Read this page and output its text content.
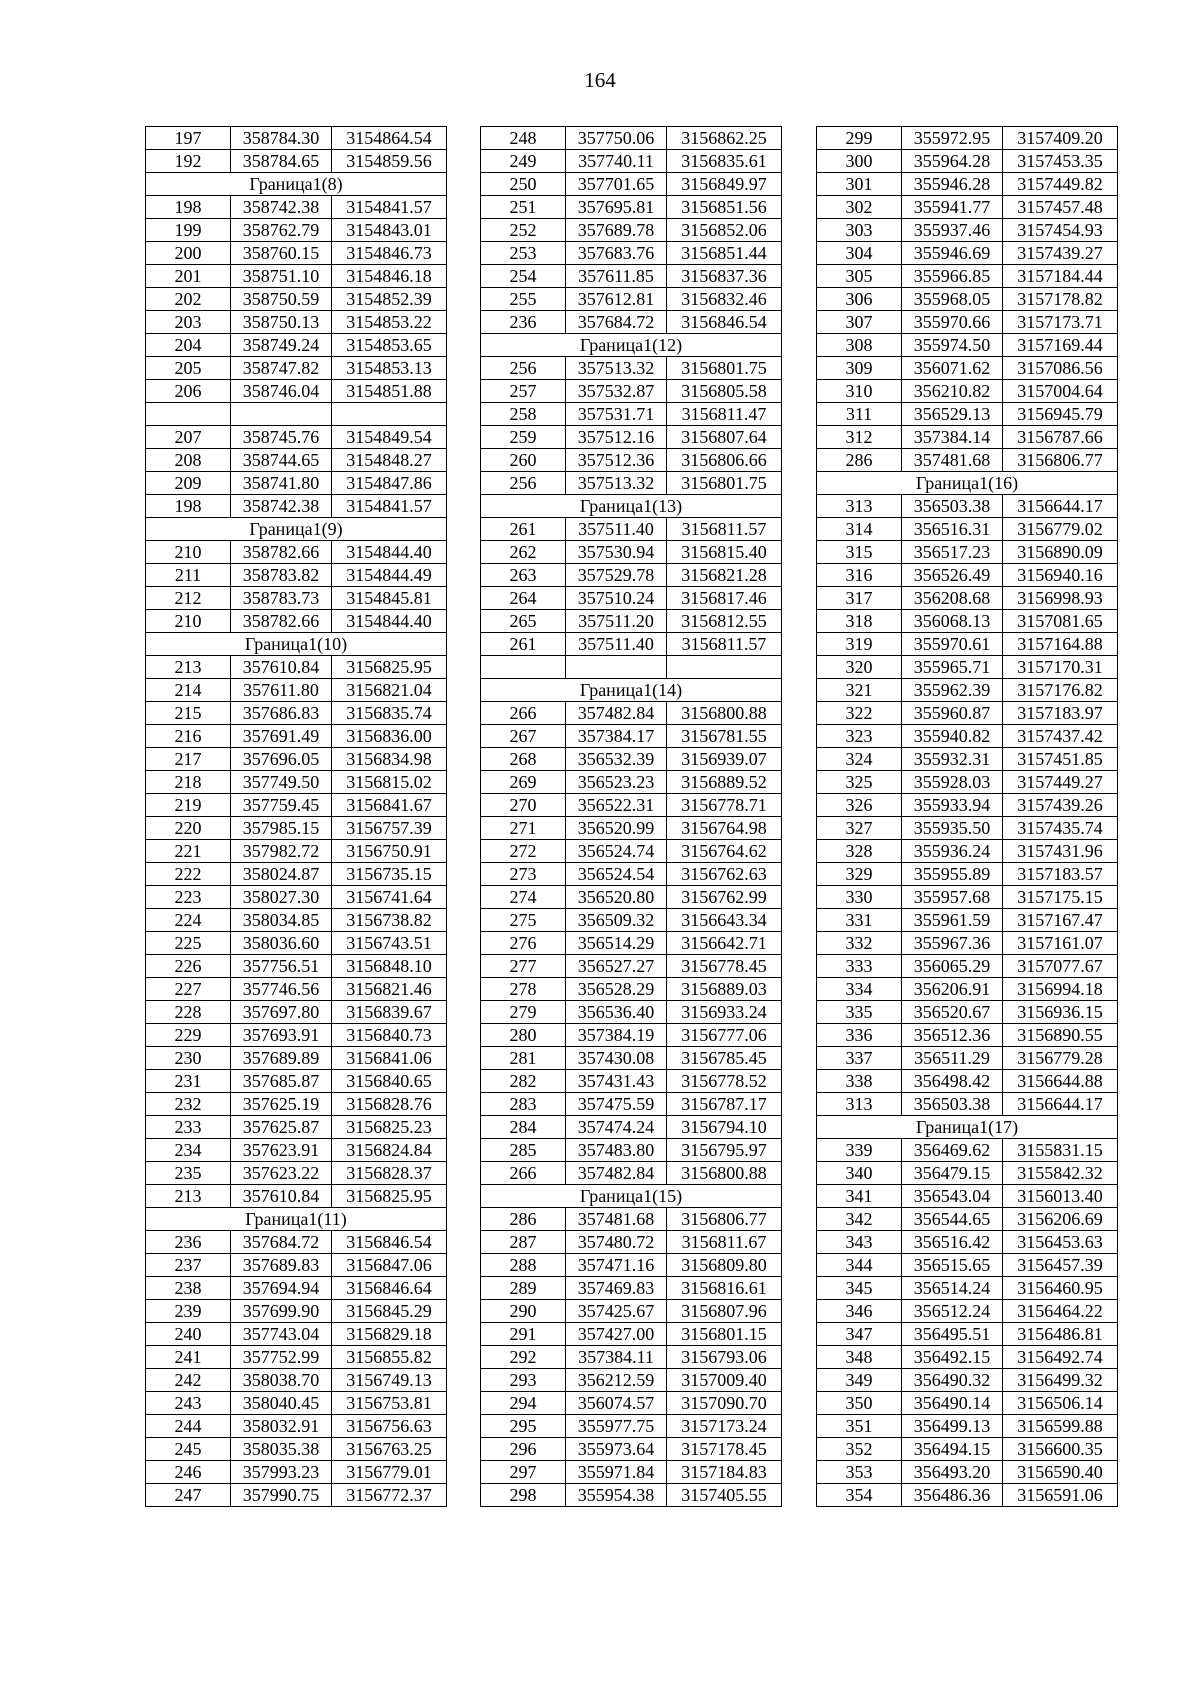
164
197	358784.30	3154864.54
192	358784.65	3154859.56
Граница1(8)		
198	358742.38	3154841.57
199	358762.79	3154843.01
200	358760.15	3154846.73
201	358751.10	3154846.18
202	358750.59	3154852.39
203	358750.13	3154853.22
204	358749.24	3154853.65
205	358747.82	3154853.13
206	358746.04	3154851.88

207	358745.76	3154849.54
208	358744.65	3154848.27
209	358741.80	3154847.86
198	358742.38	3154841.57
Граница1(9)		
210	358782.66	3154844.40
211	358783.82	3154844.49
212	358783.73	3154845.81
210	358782.66	3154844.40
Граница1(10)		
213	357610.84	3156825.95
214	357611.80	3156821.04
215	357686.83	3156835.74
216	357691.49	3156836.00
217	357696.05	3156834.98
218	357749.50	3156815.02
219	357759.45	3156841.67
220	357985.15	3156757.39
221	357982.72	3156750.91
222	358024.87	3156735.15
223	358027.30	3156741.64
224	358034.85	3156738.82
225	358036.60	3156743.51
226	357756.51	3156848.10
227	357746.56	3156821.46
228	357697.80	3156839.67
229	357693.91	3156840.73
230	357689.89	3156841.06
231	357685.87	3156840.65
232	357625.19	3156828.76
233	357625.87	3156825.23
234	357623.91	3156824.84
235	357623.22	3156828.37
213	357610.84	3156825.95
Граница1(11)		
236	357684.72	3156846.54
237	357689.83	3156847.06
238	357694.94	3156846.64
239	357699.90	3156845.29
240	357743.04	3156829.18
241	357752.99	3156855.82
242	358038.70	3156749.13
243	358040.45	3156753.81
244	358032.91	3156756.63
245	358035.38	3156763.25
246	357993.23	3156779.01
247	357990.75	3156772.37
248	357750.06	3156862.25
249	357740.11	3156835.61
250	357701.65	3156849.97
251	357695.81	3156851.56
252	357689.78	3156852.06
253	357683.76	3156851.44
254	357611.85	3156837.36
255	357612.81	3156832.46
236	357684.72	3156846.54
Граница1(12)		
256	357513.32	3156801.75
257	357532.87	3156805.58
258	357531.71	3156811.47
259	357512.16	3156807.64
260	357512.36	3156806.66
256	357513.32	3156801.75
Граница1(13)		
261	357511.40	3156811.57
262	357530.94	3156815.40
263	357529.78	3156821.28
264	357510.24	3156817.46
265	357511.20	3156812.55
261	357511.40	3156811.57

Граница1(14)		
266	357482.84	3156800.88
267	357384.17	3156781.55
268	356532.39	3156939.07
269	356523.23	3156889.52
270	356522.31	3156778.71
271	356520.99	3156764.98
272	356524.74	3156764.62
273	356524.54	3156762.63
274	356520.80	3156762.99
275	356509.32	3156643.34
276	356514.29	3156642.71
277	356527.27	3156778.45
278	356528.29	3156889.03
279	356536.40	3156933.24
280	357384.19	3156777.06
281	357430.08	3156785.45
282	357431.43	3156778.52
283	357475.59	3156787.17
284	357474.24	3156794.10
285	357483.80	3156795.97
266	357482.84	3156800.88
Граница1(15)		
286	357481.68	3156806.77
287	357480.72	3156811.67
288	357471.16	3156809.80
289	357469.83	3156816.61
290	357425.67	3156807.96
291	357427.00	3156801.15
292	357384.11	3156793.06
293	356212.59	3157009.40
294	356074.57	3157090.70
295	355977.75	3157173.24
296	355973.64	3157178.45
297	355971.84	3157184.83
298	355954.38	3157405.55
299	355972.95	3157409.20
300	355964.28	3157453.35
301	355946.28	3157449.82
302	355941.77	3157457.48
303	355937.46	3157454.93
304	355946.69	3157439.27
305	355966.85	3157184.44
306	355968.05	3157178.82
307	355970.66	3157173.71
308	355974.50	3157169.44
309	356071.62	3157086.56
310	356210.82	3157004.64
311	356529.13	3156945.79
312	357384.14	3156787.66
286	357481.68	3156806.77
Граница1(16)		
313	356503.38	3156644.17
314	356516.31	3156779.02
315	356517.23	3156890.09
316	356526.49	3156940.16
317	356208.68	3156998.93
318	356068.13	3157081.65
319	355970.61	3157164.88
320	355965.71	3157170.31
321	355962.39	3157176.82
322	355960.87	3157183.97
323	355940.82	3157437.42
324	355932.31	3157451.85
325	355928.03	3157449.27
326	355933.94	3157439.26
327	355935.50	3157435.74
328	355936.24	3157431.96
329	355955.89	3157183.57
330	355957.68	3157175.15
331	355961.59	3157167.47
332	355967.36	3157161.07
333	356065.29	3157077.67
334	356206.91	3156994.18
335	356520.67	3156936.15
336	356512.36	3156890.55
337	356511.29	3156779.28
338	356498.42	3156644.88
313	356503.38	3156644.17
Граница1(17)		
339	356469.62	3155831.15
340	356479.15	3155842.32
341	356543.04	3156013.40
342	356544.65	3156206.69
343	356516.42	3156453.63
344	356515.65	3156457.39
345	356514.24	3156460.95
346	356512.24	3156464.22
347	356495.51	3156486.81
348	356492.15	3156492.74
349	356490.32	3156499.32
350	356490.14	3156506.14
351	356499.13	3156599.88
352	356494.15	3156600.35
353	356493.20	3156590.40
354	356486.36	3156591.06
